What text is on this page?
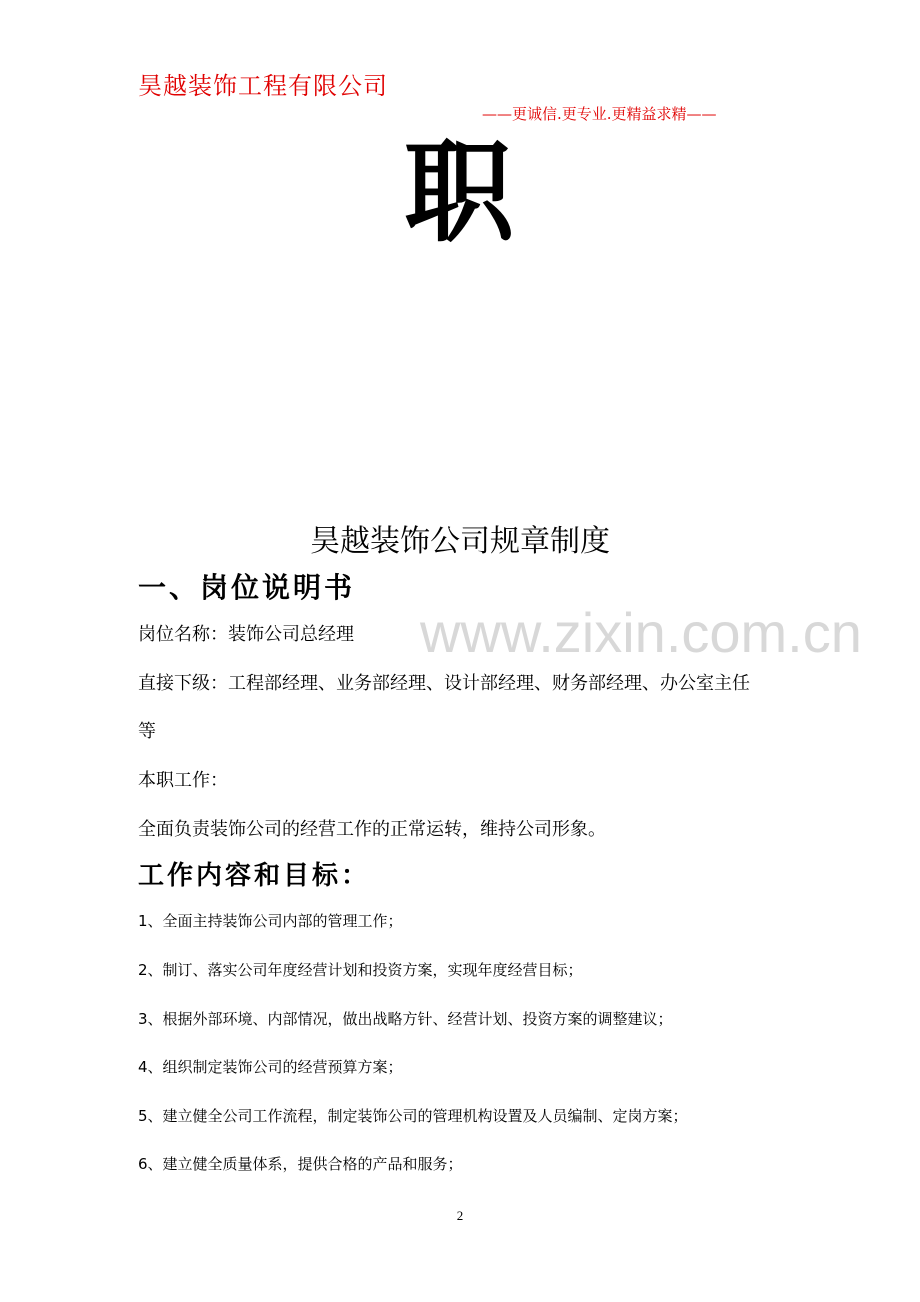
昊越装饰工程有限公司
——更诚信.更专业.更精益求精——
职
www.zixin.com.cn
昊越装饰公司规章制度
一、岗位说明书
岗位名称：装饰公司总经理
直接下级：工程部经理、业务部经理、设计部经理、财务部经理、办公室主任
等
本职工作：
全面负责装饰公司的经营工作的正常运转，维持公司形象。
工作内容和目标：
1、全面主持装饰公司内部的管理工作；
2、制订、落实公司年度经营计划和投资方案，实现年度经营目标；
3、根据外部环境、内部情况，做出战略方针、经营计划、投资方案的调整建议；
4、组织制定装饰公司的经营预算方案；
5、建立健全公司工作流程，制定装饰公司的管理机构设置及人员编制、定岗方案；
6、建立健全质量体系，提供合格的产品和服务；
2
